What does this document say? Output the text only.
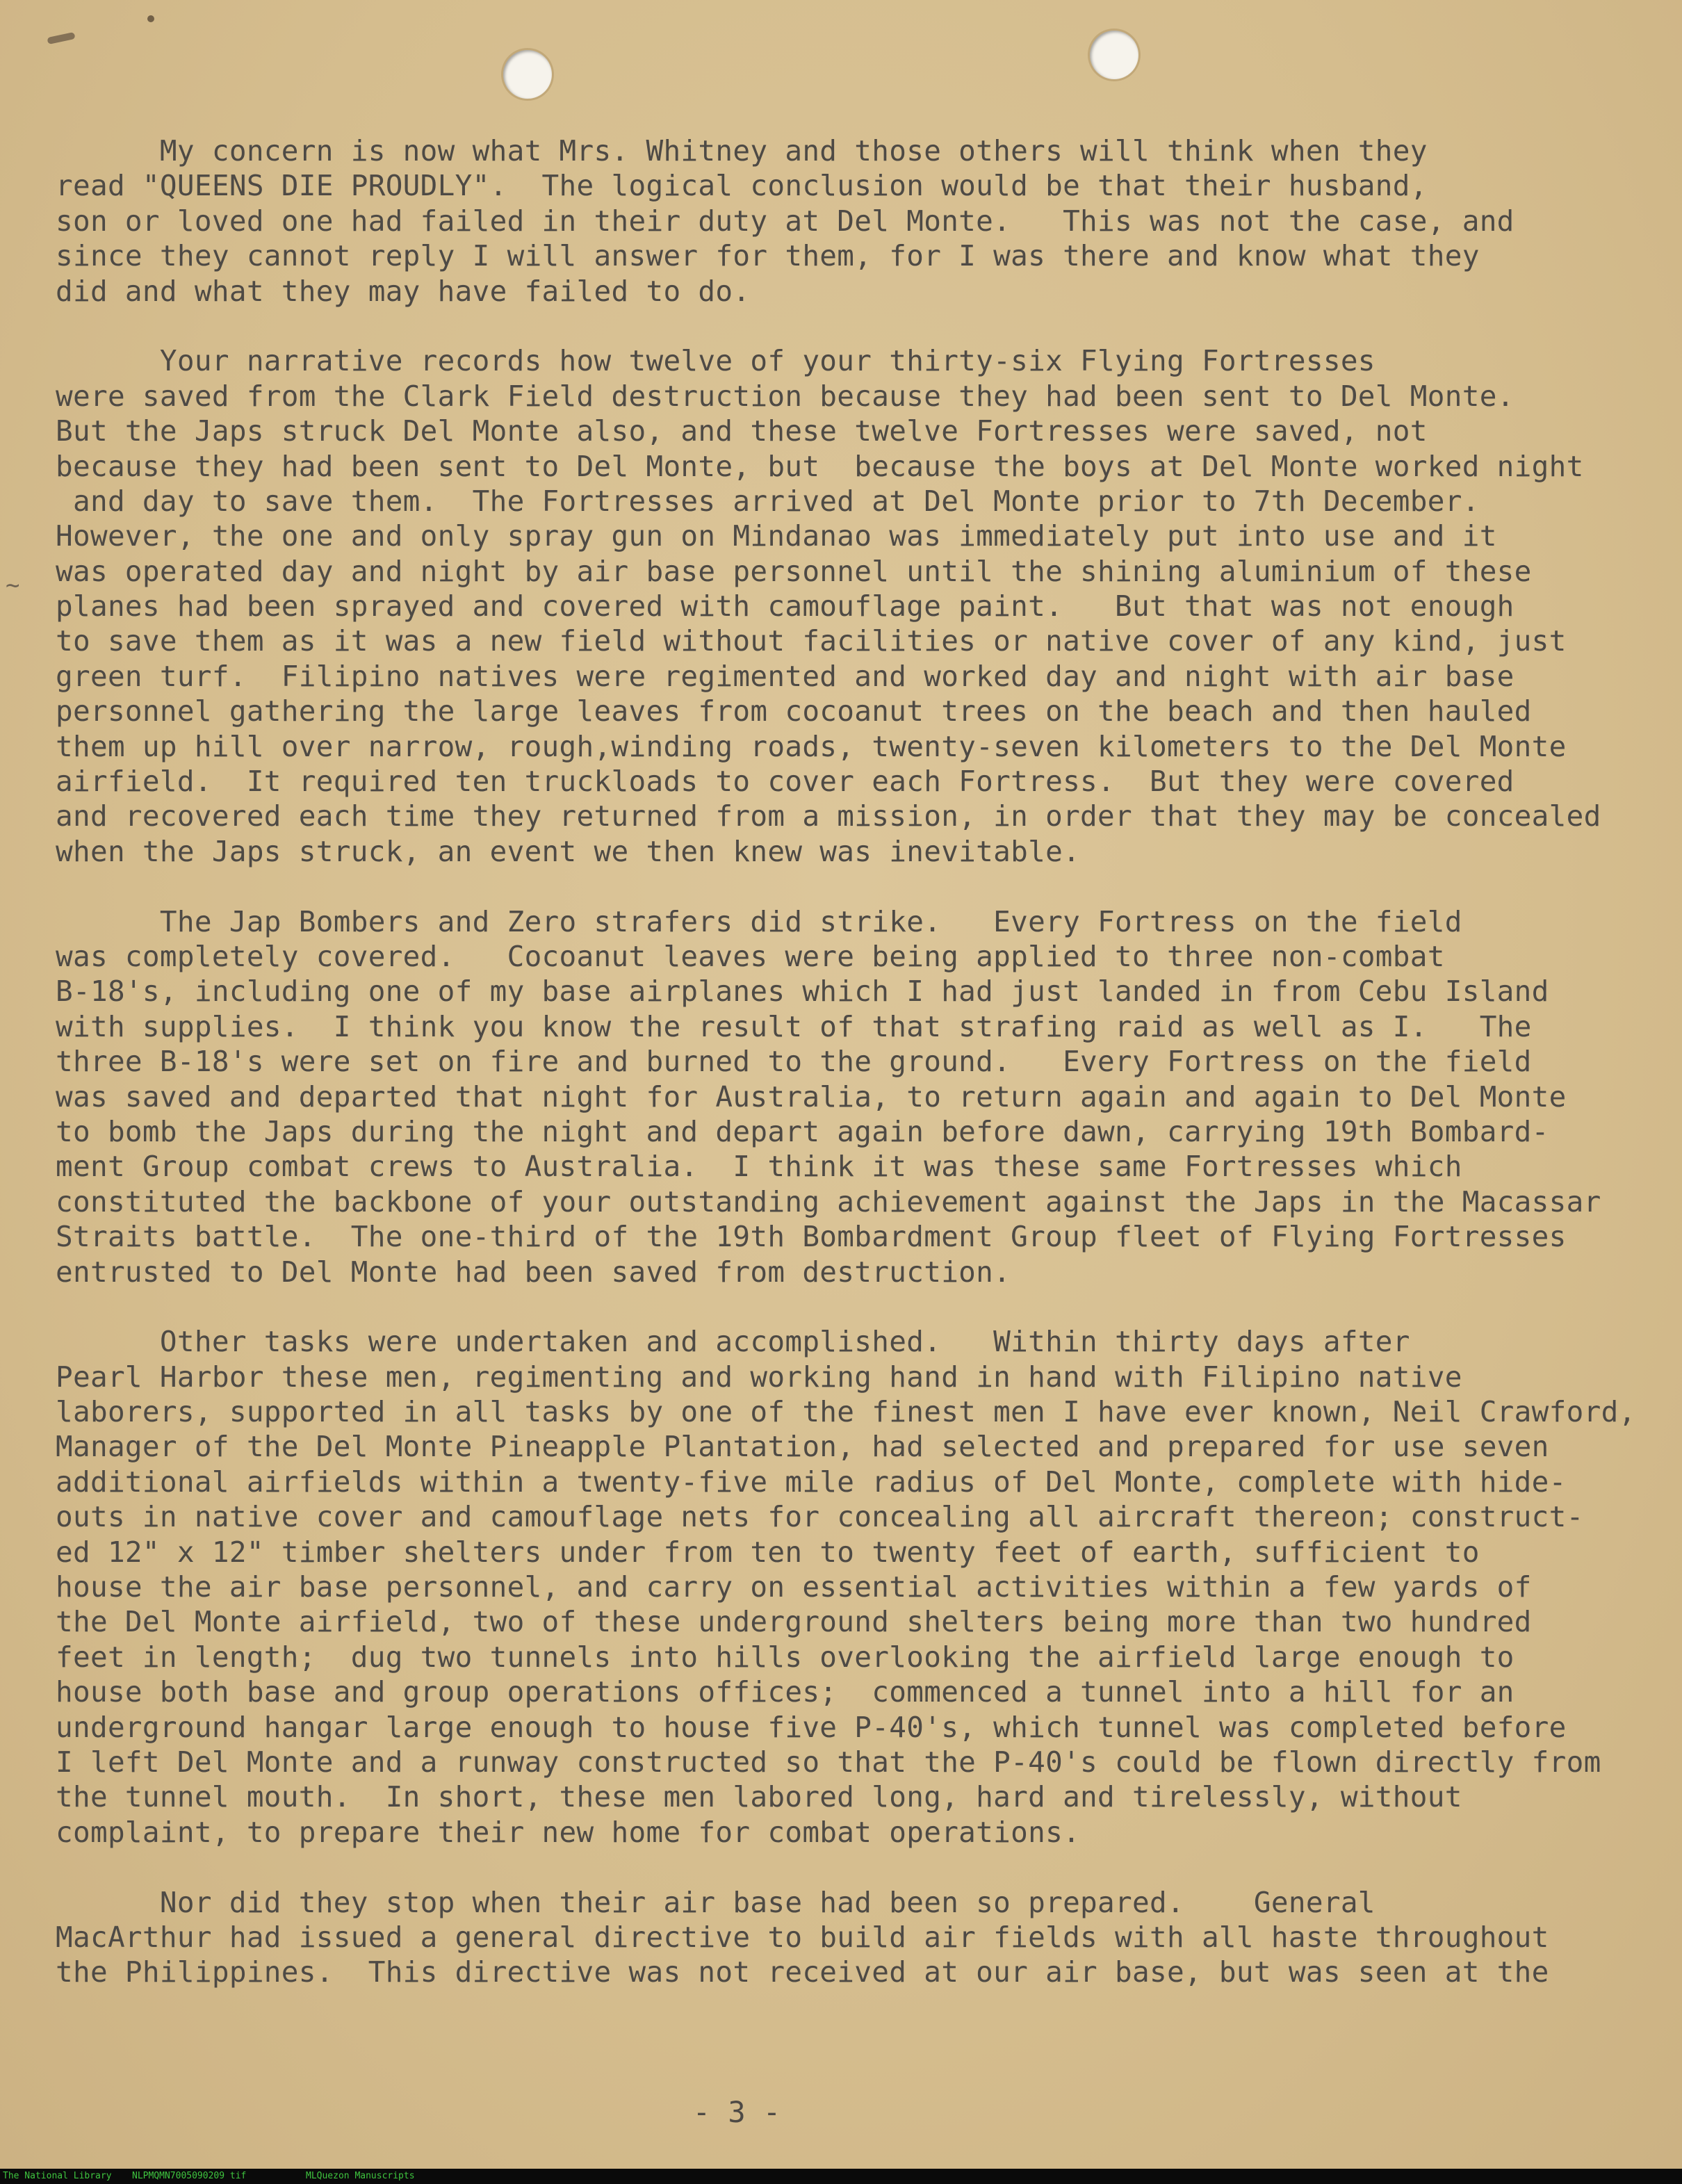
~
My concern is now what Mrs. Whitney and those others will think when they
read "QUEENS DIE PROUDLY".  The logical conclusion would be that their husband,
son or loved one had failed in their duty at Del Monte.   This was not the case, and
since they cannot reply I will answer for them, for I was there and know what they
did and what they may have failed to do.
Your narrative records how twelve of your thirty-six Flying Fortresses
were saved from the Clark Field destruction because they had been sent to Del Monte.
But the Japs struck Del Monte also, and these twelve Fortresses were saved, not
because they had been sent to Del Monte, but  because the boys at Del Monte worked night
and day to save them.  The Fortresses arrived at Del Monte prior to 7th December.
However, the one and only spray gun on Mindanao was immediately put into use and it
was operated day and night by air base personnel until the shining aluminium of these
planes had been sprayed and covered with camouflage paint.   But that was not enough
to save them as it was a new field without facilities or native cover of any kind, just
green turf.  Filipino natives were regimented and worked day and night with air base
personnel gathering the large leaves from cocoanut trees on the beach and then hauled
them up hill over narrow, rough,winding roads, twenty-seven kilometers to the Del Monte
airfield.  It required ten truckloads to cover each Fortress.  But they were covered
and recovered each time they returned from a mission, in order that they may be concealed
when the Japs struck, an event we then knew was inevitable.
The Jap Bombers and Zero strafers did strike.   Every Fortress on the field
was completely covered.   Cocoanut leaves were being applied to three non-combat
B-18's, including one of my base airplanes which I had just landed in from Cebu Island
with supplies.  I think you know the result of that strafing raid as well as I.   The
three B-18's were set on fire and burned to the ground.   Every Fortress on the field
was saved and departed that night for Australia, to return again and again to Del Monte
to bomb the Japs during the night and depart again before dawn, carrying 19th Bombard-
ment Group combat crews to Australia.  I think it was these same Fortresses which
constituted the backbone of your outstanding achievement against the Japs in the Macassar
Straits battle.  The one-third of the 19th Bombardment Group fleet of Flying Fortresses
entrusted to Del Monte had been saved from destruction.
Other tasks were undertaken and accomplished.   Within thirty days after
Pearl Harbor these men, regimenting and working hand in hand with Filipino native
laborers, supported in all tasks by one of the finest men I have ever known, Neil Crawford,
Manager of the Del Monte Pineapple Plantation, had selected and prepared for use seven
additional airfields within a twenty-five mile radius of Del Monte, complete with hide-
outs in native cover and camouflage nets for concealing all aircraft thereon; construct-
ed 12" x 12" timber shelters under from ten to twenty feet of earth, sufficient to
house the air base personnel, and carry on essential activities within a few yards of
the Del Monte airfield, two of these underground shelters being more than two hundred
feet in length;  dug two tunnels into hills overlooking the airfield large enough to
house both base and group operations offices;  commenced a tunnel into a hill for an
underground hangar large enough to house five P-40's, which tunnel was completed before
I left Del Monte and a runway constructed so that the P-40's could be flown directly from
the tunnel mouth.  In short, these men labored long, hard and tirelessly, without
complaint, to prepare their new home for combat operations.
Nor did they stop when their air base had been so prepared.    General
MacArthur had issued a general directive to build air fields with all haste throughout
the Philippines.  This directive was not received at our air base, but was seen at the
- 3 -
The National Library NLPMQMN7005090209 tif	MLQuezon Manuscripts
